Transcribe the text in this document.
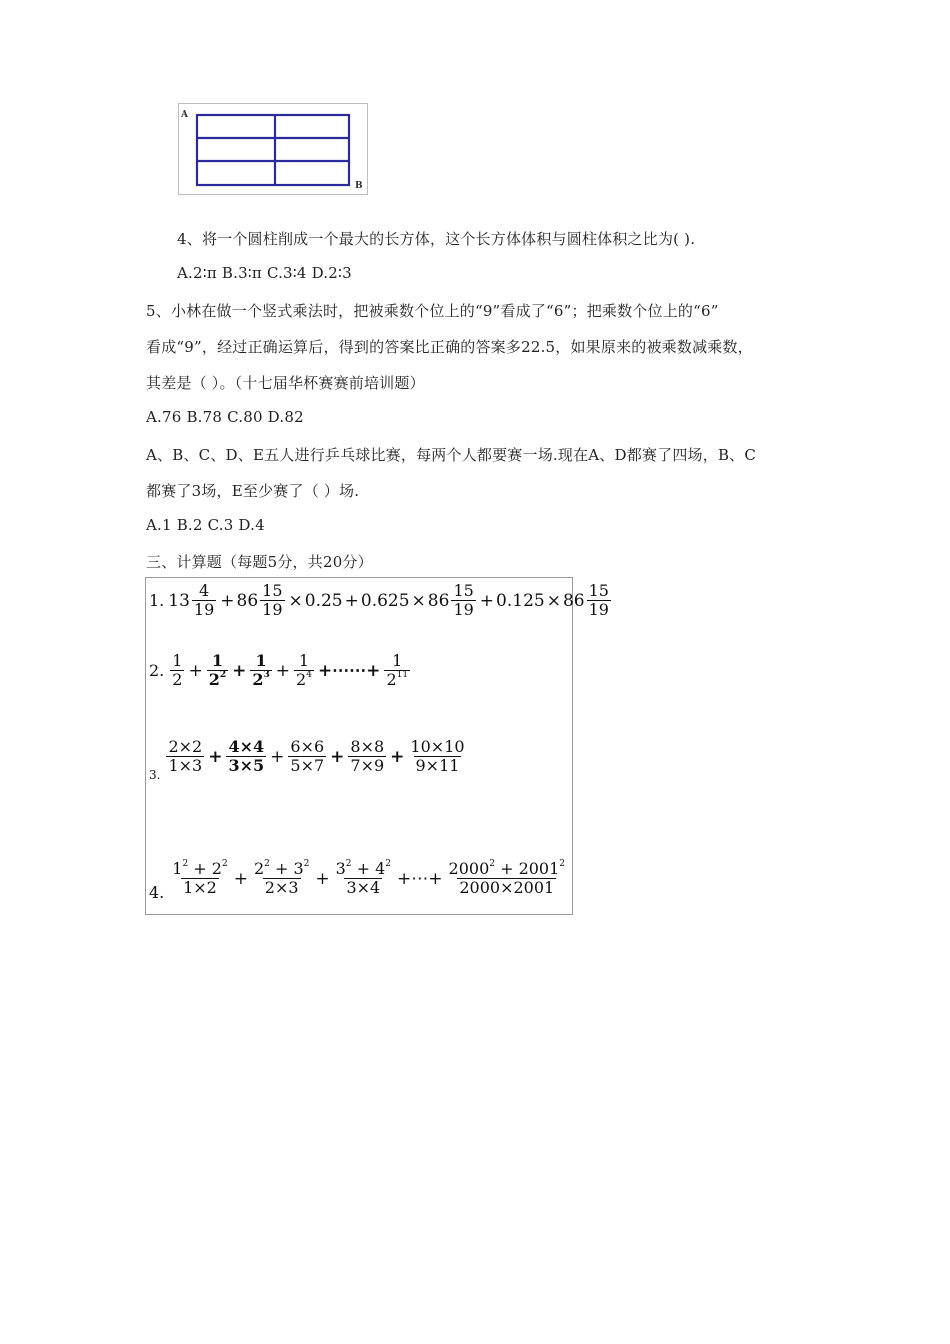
A
B
4、将一个圆柱削成一个最大的长方体，这个长方体体积与圆柱体积之比为( ).
A.2∶π B.3∶π C.3∶4 D.2∶3
5、小林在做一个竖式乘法时，把被乘数个位上的“9”看成了“6”；把乘数个位上的“6”
看成“9”，经过正确运算后，得到的答案比正确的答案多22.5，如果原来的被乘数减乘数，
其差是（ ）。（十七届华杯赛赛前培训题）
A.76 B.78 C.80 D.82
A、B、C、D、E五人进行乒乓球比赛，每两个人都要赛一场.现在A、D都赛了四场，B、C
都赛了3场，E至少赛了（ ）场.
A.1 B.2 C.3 D.4
三、计算题（每题5分，共20分）
1. $13 \frac{4}{19} + 86 \frac{15}{19} \times 0.25 + 0.625 \times 86 \frac{15}{19} + 0.125 \times 86 \frac{15}{19}$
2. $\frac{1}{2} + \frac{1}{2^2} + \frac{1}{2^3} + \frac{1}{2^4}$ +⋯⋯+ $\frac{1}{2^{11}}$
3. $\frac{2\times 2}{1\times 3} + \frac{4\times 4}{3\times 5} + \frac{6\times 6}{5\times 7} + \frac{8\times 8}{7\times 9} + \frac{10\times 10}{9\times 11}$
4. $\frac{1^2 + 2^2}{1\times 2} + \frac{2^2 + 3^2}{2\times 3} + \frac{3^2 + 4^2}{3\times 4}$ +⋯+ $\frac{2000^2 + 2001^2}{2000\times 2001}$
